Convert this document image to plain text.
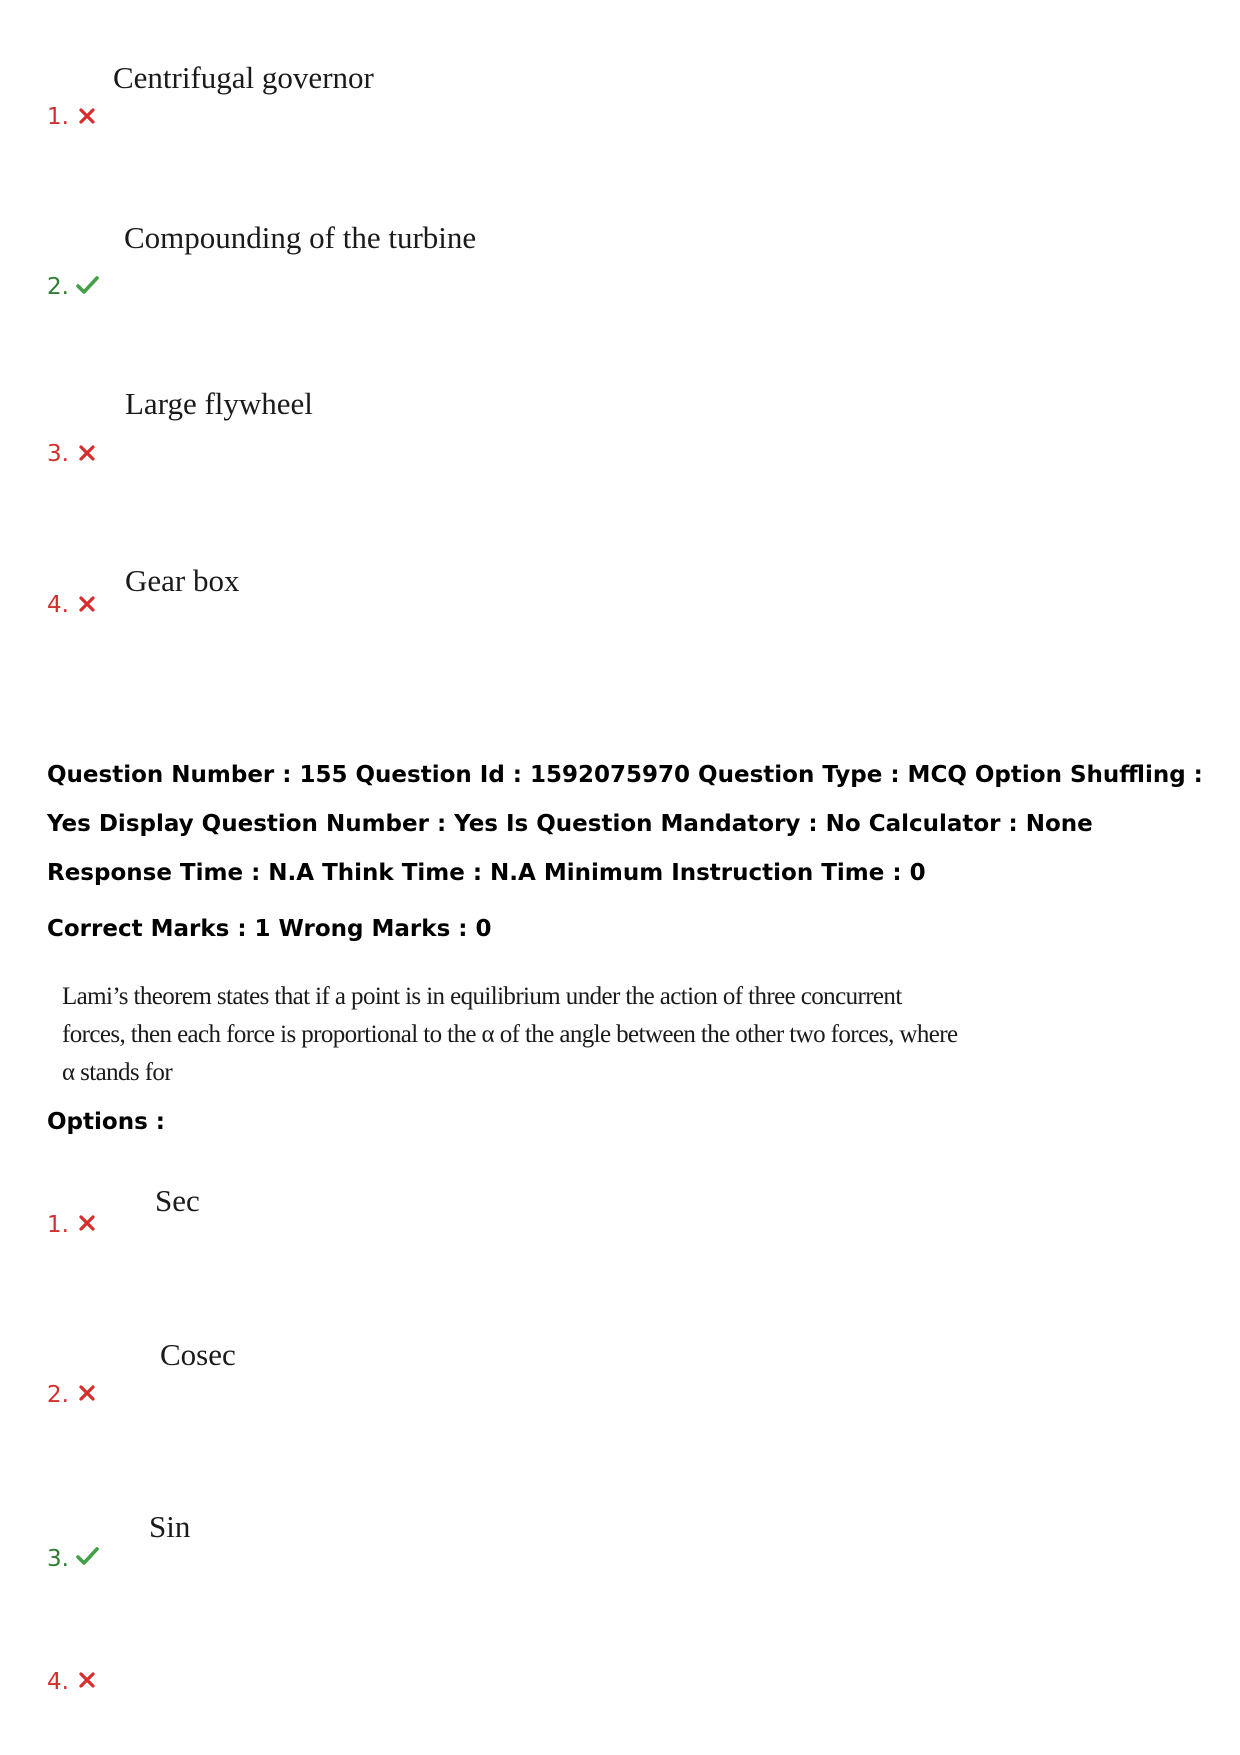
1.
Centrifugal governor
2.
Compounding of the turbine
3.
Large flywheel
4.
Gear box
Question Number : 155 Question Id : 1592075970 Question Type : MCQ Option Shuffling : Yes Display Question Number : Yes Is Question Mandatory : No Calculator : None Response Time : N.A Think Time : N.A Minimum Instruction Time : 0
Correct Marks : 1 Wrong Marks : 0
Lami’s theorem states that if a point is in equilibrium under the action of three concurrent forces, then each force is proportional to the α of the angle between the other two forces, where α stands for
Options :
1.
Sec
2.
Cosec
3.
Sin
4.
